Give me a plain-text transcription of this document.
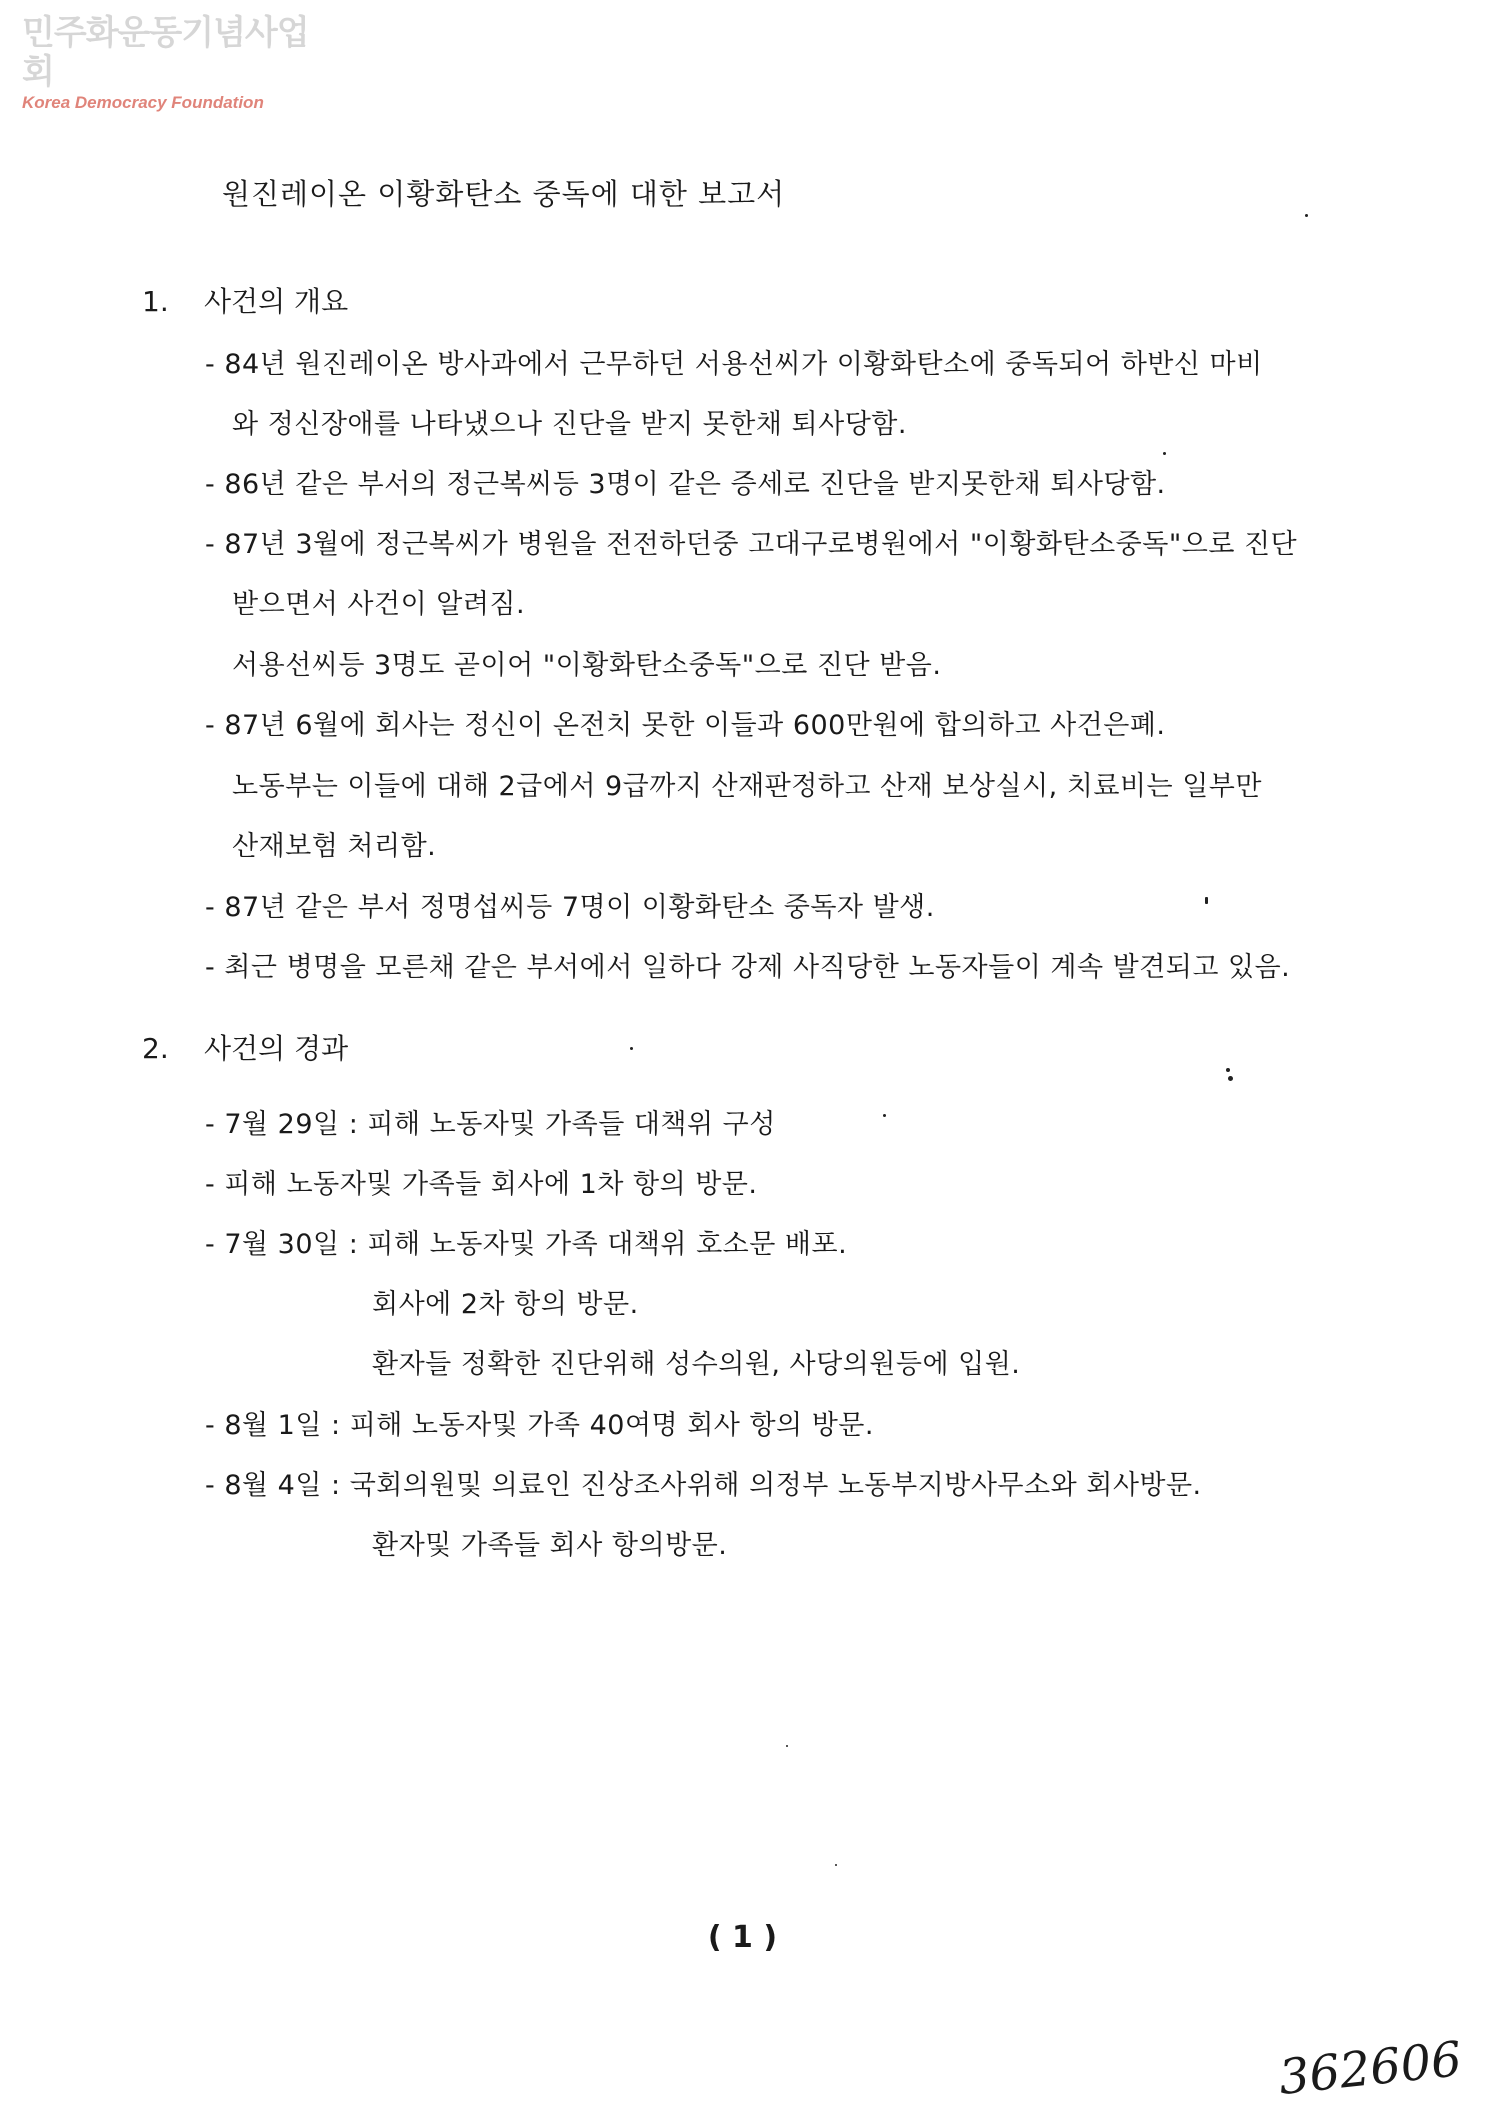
민주화운동기념사업회
Korea Democracy Foundation
원진레이온 이황화탄소 중독에 대한 보고서
1. 사건의 개요
- 84년 원진레이온 방사과에서 근무하던 서용선씨가 이황화탄소에 중독되어 하반신 마비
와 정신장애를 나타냈으나 진단을 받지 못한채 퇴사당함.
- 86년 같은 부서의 정근복씨등 3명이 같은 증세로 진단을 받지못한채 퇴사당함.
- 87년 3월에 정근복씨가 병원을 전전하던중 고대구로병원에서 "이황화탄소중독"으로 진단
받으면서 사건이 알려짐.
서용선씨등 3명도 곧이어 "이황화탄소중독"으로 진단 받음.
- 87년 6월에 회사는 정신이 온전치 못한 이들과 600만원에 합의하고 사건은폐.
노동부는 이들에 대해 2급에서 9급까지 산재판정하고 산재 보상실시, 치료비는 일부만
산재보험 처리함.
- 87년 같은 부서 정명섭씨등 7명이 이황화탄소 중독자 발생.
- 최근 병명을 모른채 같은 부서에서 일하다 강제 사직당한 노동자들이 계속 발견되고 있음.
2. 사건의 경과
- 7월 29일 : 피해 노동자및 가족들 대책위 구성
- 피해 노동자및 가족들 회사에 1차 항의 방문.
- 7월 30일 : 피해 노동자및 가족 대책위 호소문 배포.
회사에 2차 항의 방문.
환자들 정확한 진단위해 성수의원, 사당의원등에 입원.
- 8월 1일 : 피해 노동자및 가족 40여명 회사 항의 방문.
- 8월 4일 : 국회의원및 의료인 진상조사위해 의정부 노동부지방사무소와 회사방문.
환자및 가족들 회사 항의방문.
( 1 )
362606
